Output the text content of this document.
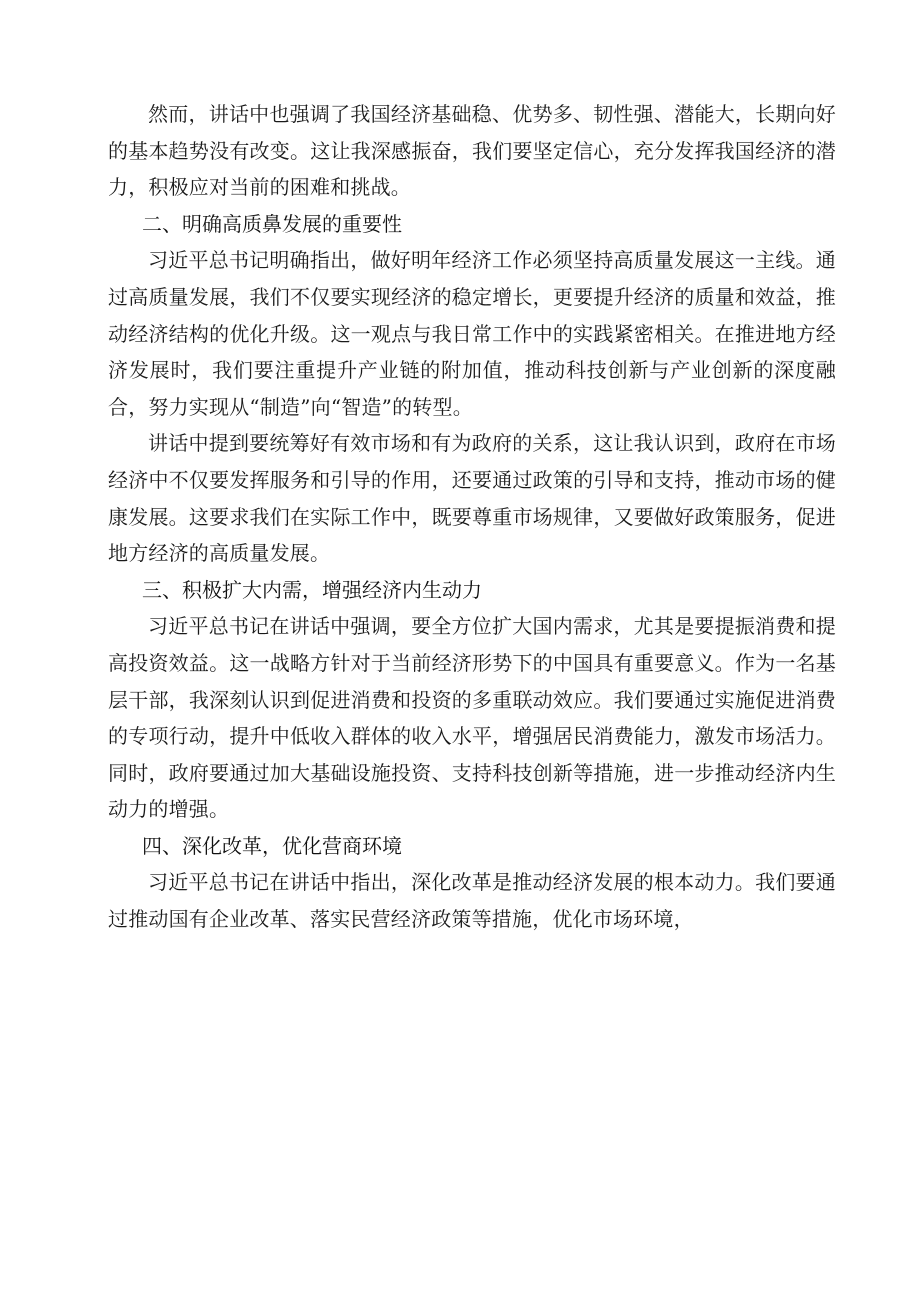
然而，讲话中也强调了我国经济基础稳、优势多、韧性强、潜能大，长期向好的基本趋势没有改变。这让我深感振奋，我们要坚定信心，充分发挥我国经济的潜力，积极应对当前的困难和挑战。

二、明确高质鼻发展的重要性

习近平总书记明确指出，做好明年经济工作必须坚持高质量发展这一主线。通过高质量发展，我们不仅要实现经济的稳定增长，更要提升经济的质量和效益，推动经济结构的优化升级。这一观点与我日常工作中的实践紧密相关。在推进地方经济发展时，我们要注重提升产业链的附加值，推动科技创新与产业创新的深度融合，努力实现从“制造”向“智造”的转型。

讲话中提到要统筹好有效市场和有为政府的关系，这让我认识到，政府在市场经济中不仅要发挥服务和引导的作用，还要通过政策的引导和支持，推动市场的健康发展。这要求我们在实际工作中，既要尊重市场规律，又要做好政策服务，促进地方经济的高质量发展。

三、积极扩大内需，增强经济内生动力

习近平总书记在讲话中强调，要全方位扩大国内需求，尤其是要提振消费和提高投资效益。这一战略方针对于当前经济形势下的中国具有重要意义。作为一名基层干部，我深刻认识到促进消费和投资的多重联动效应。我们要通过实施促进消费的专项行动，提升中低收入群体的收入水平，增强居民消费能力，激发市场活力。同时，政府要通过加大基础设施投资、支持科技创新等措施，进一步推动经济内生动力的增强。

四、深化改革，优化营商环境

习近平总书记在讲话中指出，深化改革是推动经济发展的根本动力。我们要通过推动国有企业改革、落实民营经济政策等措施，优化市场环境，
